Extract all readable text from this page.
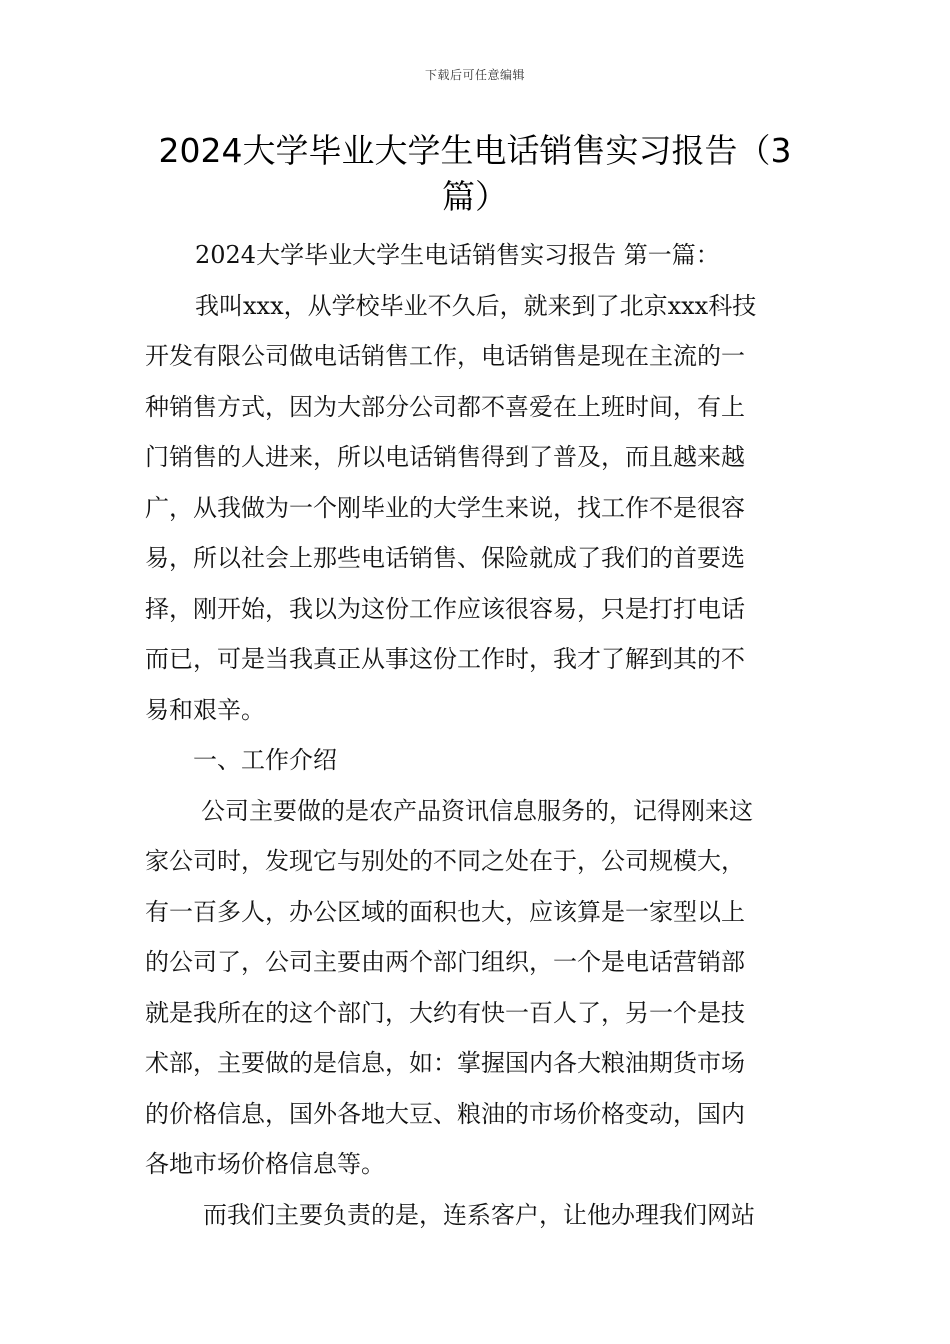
下载后可任意编辑
2024大学毕业大学生电话销售实习报告（3
篇）
2024大学毕业大学生电话销售实习报告 第一篇：
我叫xxx，从学校毕业不久后，就来到了北京xxx科技
开发有限公司做电话销售工作，电话销售是现在主流的一
种销售方式，因为大部分公司都不喜爱在上班时间，有上
门销售的人进来，所以电话销售得到了普及，而且越来越
广，从我做为一个刚毕业的大学生来说，找工作不是很容
易，所以社会上那些电话销售、保险就成了我们的首要选
择，刚开始，我以为这份工作应该很容易，只是打打电话
而已，可是当我真正从事这份工作时，我才了解到其的不
易和艰辛。
一、工作介绍
公司主要做的是农产品资讯信息服务的，记得刚来这
家公司时，发现它与别处的不同之处在于，公司规模大，
有一百多人，办公区域的面积也大，应该算是一家型以上
的公司了，公司主要由两个部门组织，一个是电话营销部
就是我所在的这个部门，大约有快一百人了，另一个是技
术部，主要做的是信息，如：掌握国内各大粮油期货市场
的价格信息，国外各地大豆、粮油的市场价格变动，国内
各地市场价格信息等。
而我们主要负责的是，连系客户，让他办理我们网站
